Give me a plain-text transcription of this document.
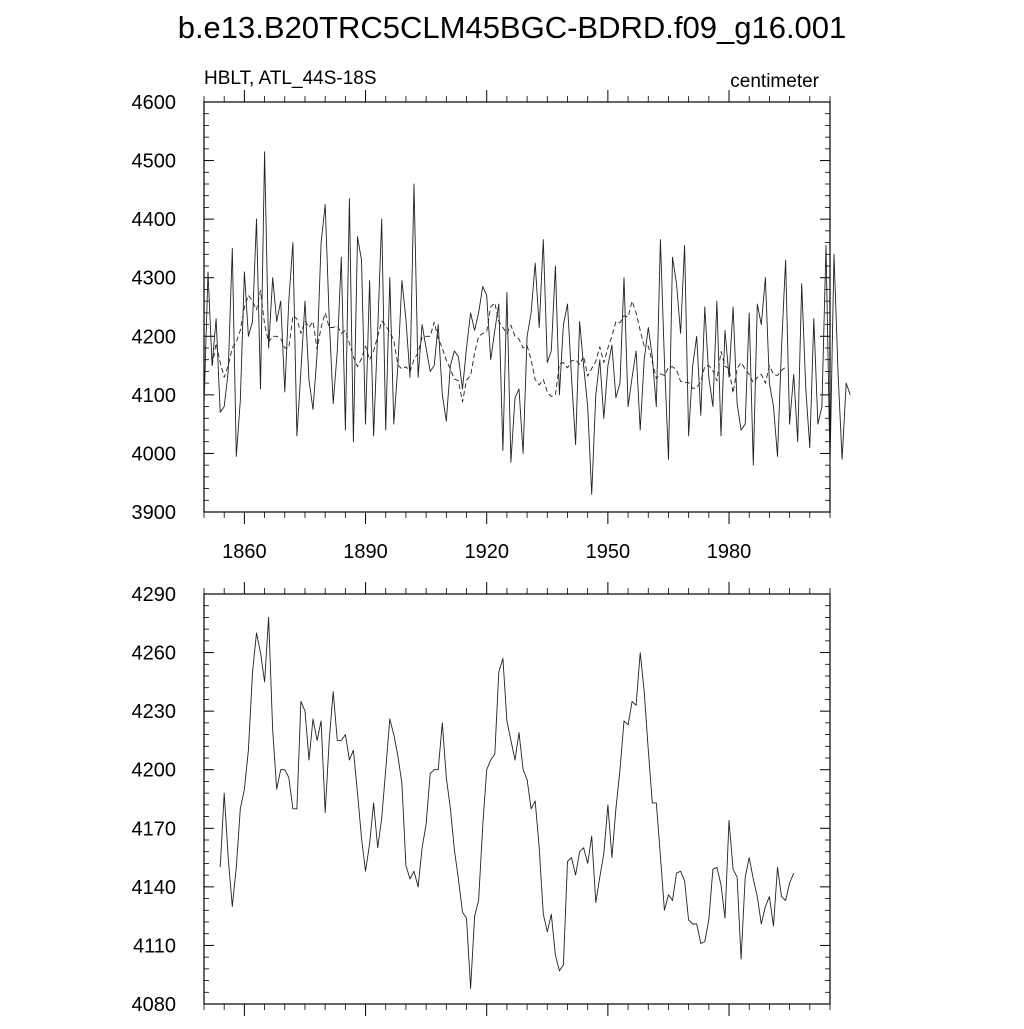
b.e13.B20TRC5CLM45BGC-BDRD.f09_g16.001
HBLT, ATL_44S-18S	centimeter
3900
4000
4100
4200
4300
4400
4500
4600
1860	1890	1920	1950	1980
4080
4110
4140
4170
4200
4230
4260
4290
